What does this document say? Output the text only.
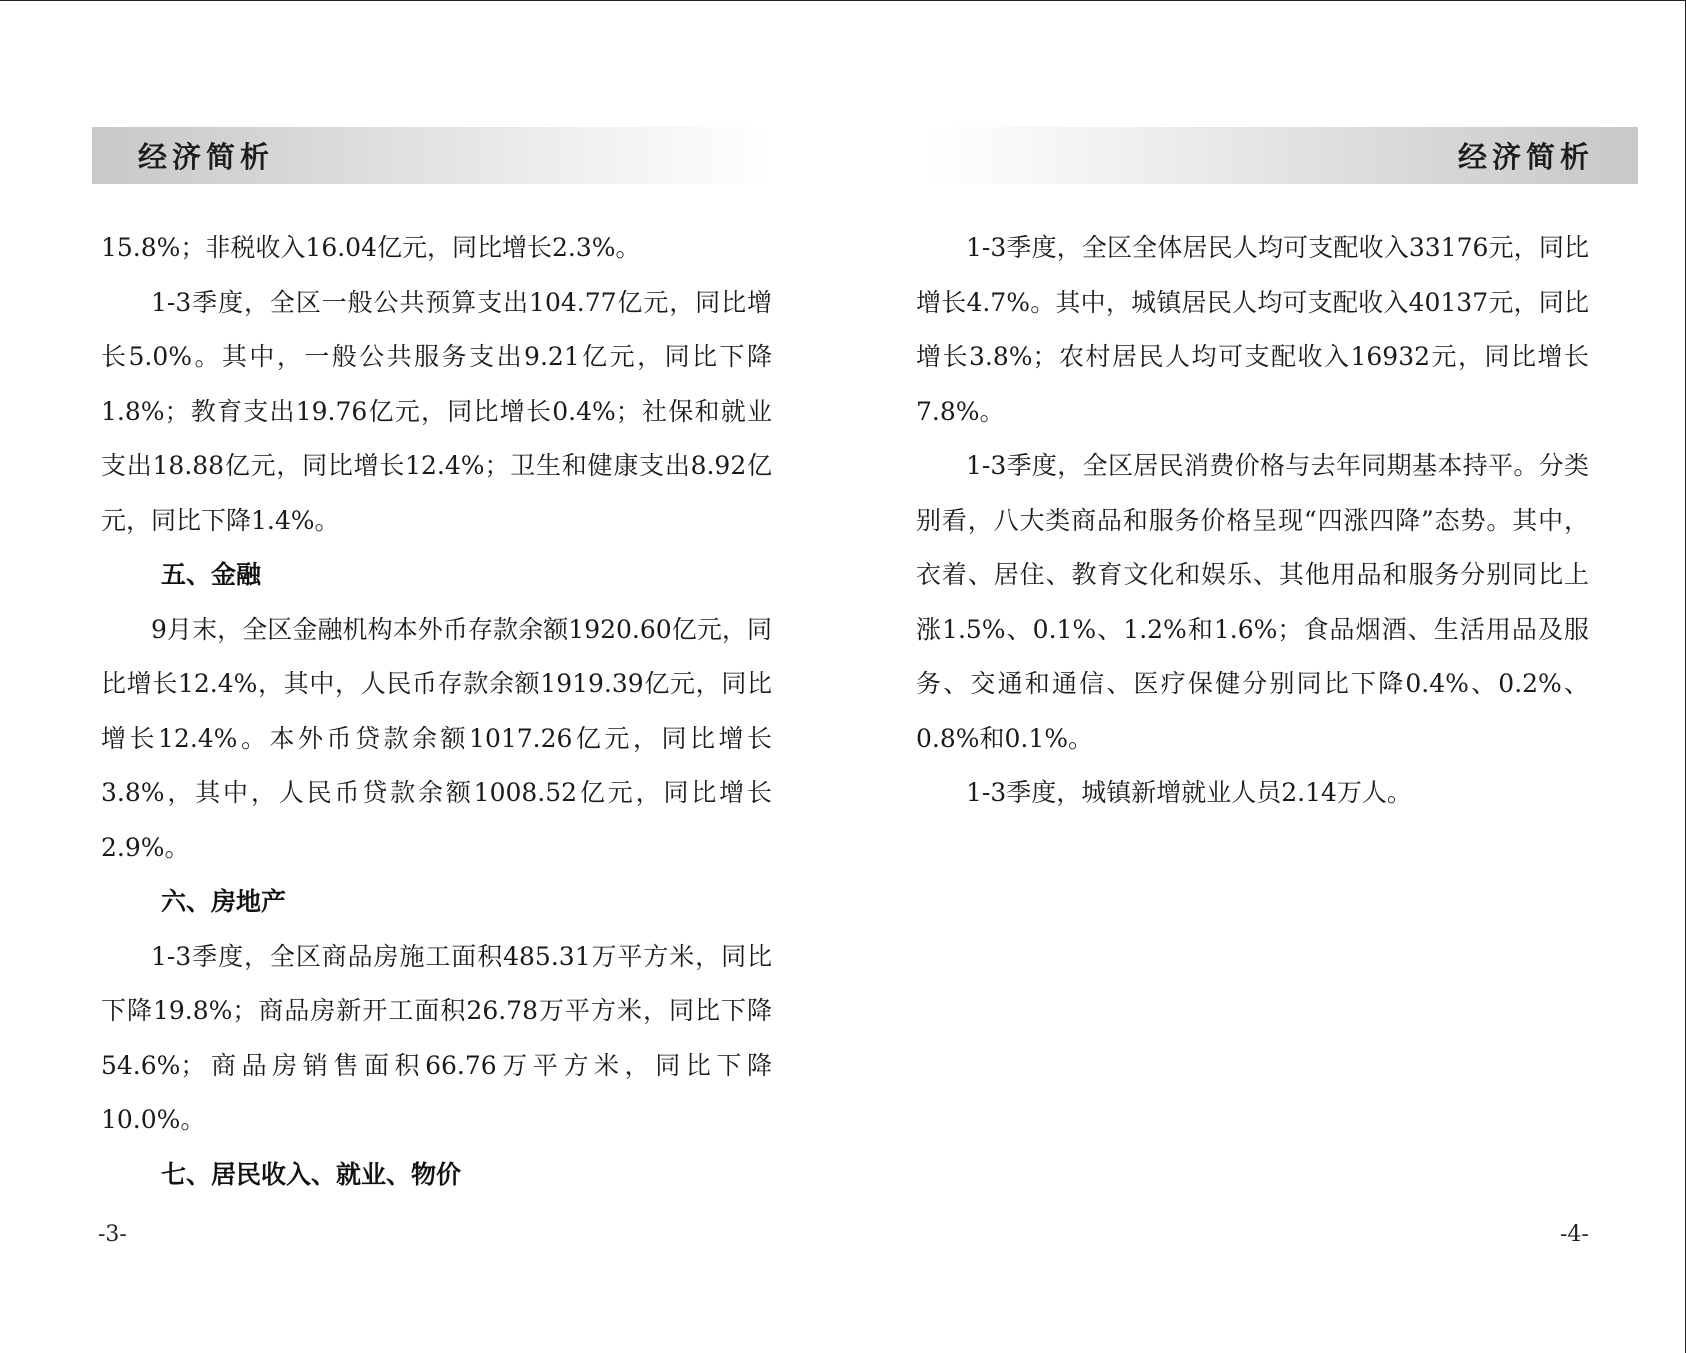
经济简析

15.8%；非税收入16.04亿元，同比增长2.3%。

1-3季度，全区一般公共预算支出104.77亿元，同比增长5.0%。其中，一般公共服务支出9.21亿元，同比下降1.8%；教育支出19.76亿元，同比增长0.4%；社保和就业支出18.88亿元，同比增长12.4%；卫生和健康支出8.92亿元，同比下降1.4%。

五、金融

9月末，全区金融机构本外币存款余额1920.60亿元，同比增长12.4%，其中，人民币存款余额1919.39亿元，同比增长12.4%。本外币贷款余额1017.26亿元，同比增长3.8%，其中，人民币贷款余额1008.52亿元，同比增长2.9%。

六、房地产

1-3季度，全区商品房施工面积485.31万平方米，同比下降19.8%；商品房新开工面积26.78万平方米，同比下降54.6%；商品房销售面积66.76万平方米，同比下降10.0%。

七、居民收入、就业、物价
-3-
经济简析

1-3季度，全区全体居民人均可支配收入33176元，同比增长4.7%。其中，城镇居民人均可支配收入40137元，同比增长3.8%；农村居民人均可支配收入16932元，同比增长7.8%。

1-3季度，全区居民消费价格与去年同期基本持平。分类别看，八大类商品和服务价格呈现“四涨四降”态势。其中，衣着、居住、教育文化和娱乐、其他用品和服务分别同比上涨1.5%、0.1%、1.2%和1.6%；食品烟酒、生活用品及服务、交通和通信、医疗保健分别同比下降0.4%、0.2%、0.8%和0.1%。

1-3季度，城镇新增就业人员2.14万人。

-4-
